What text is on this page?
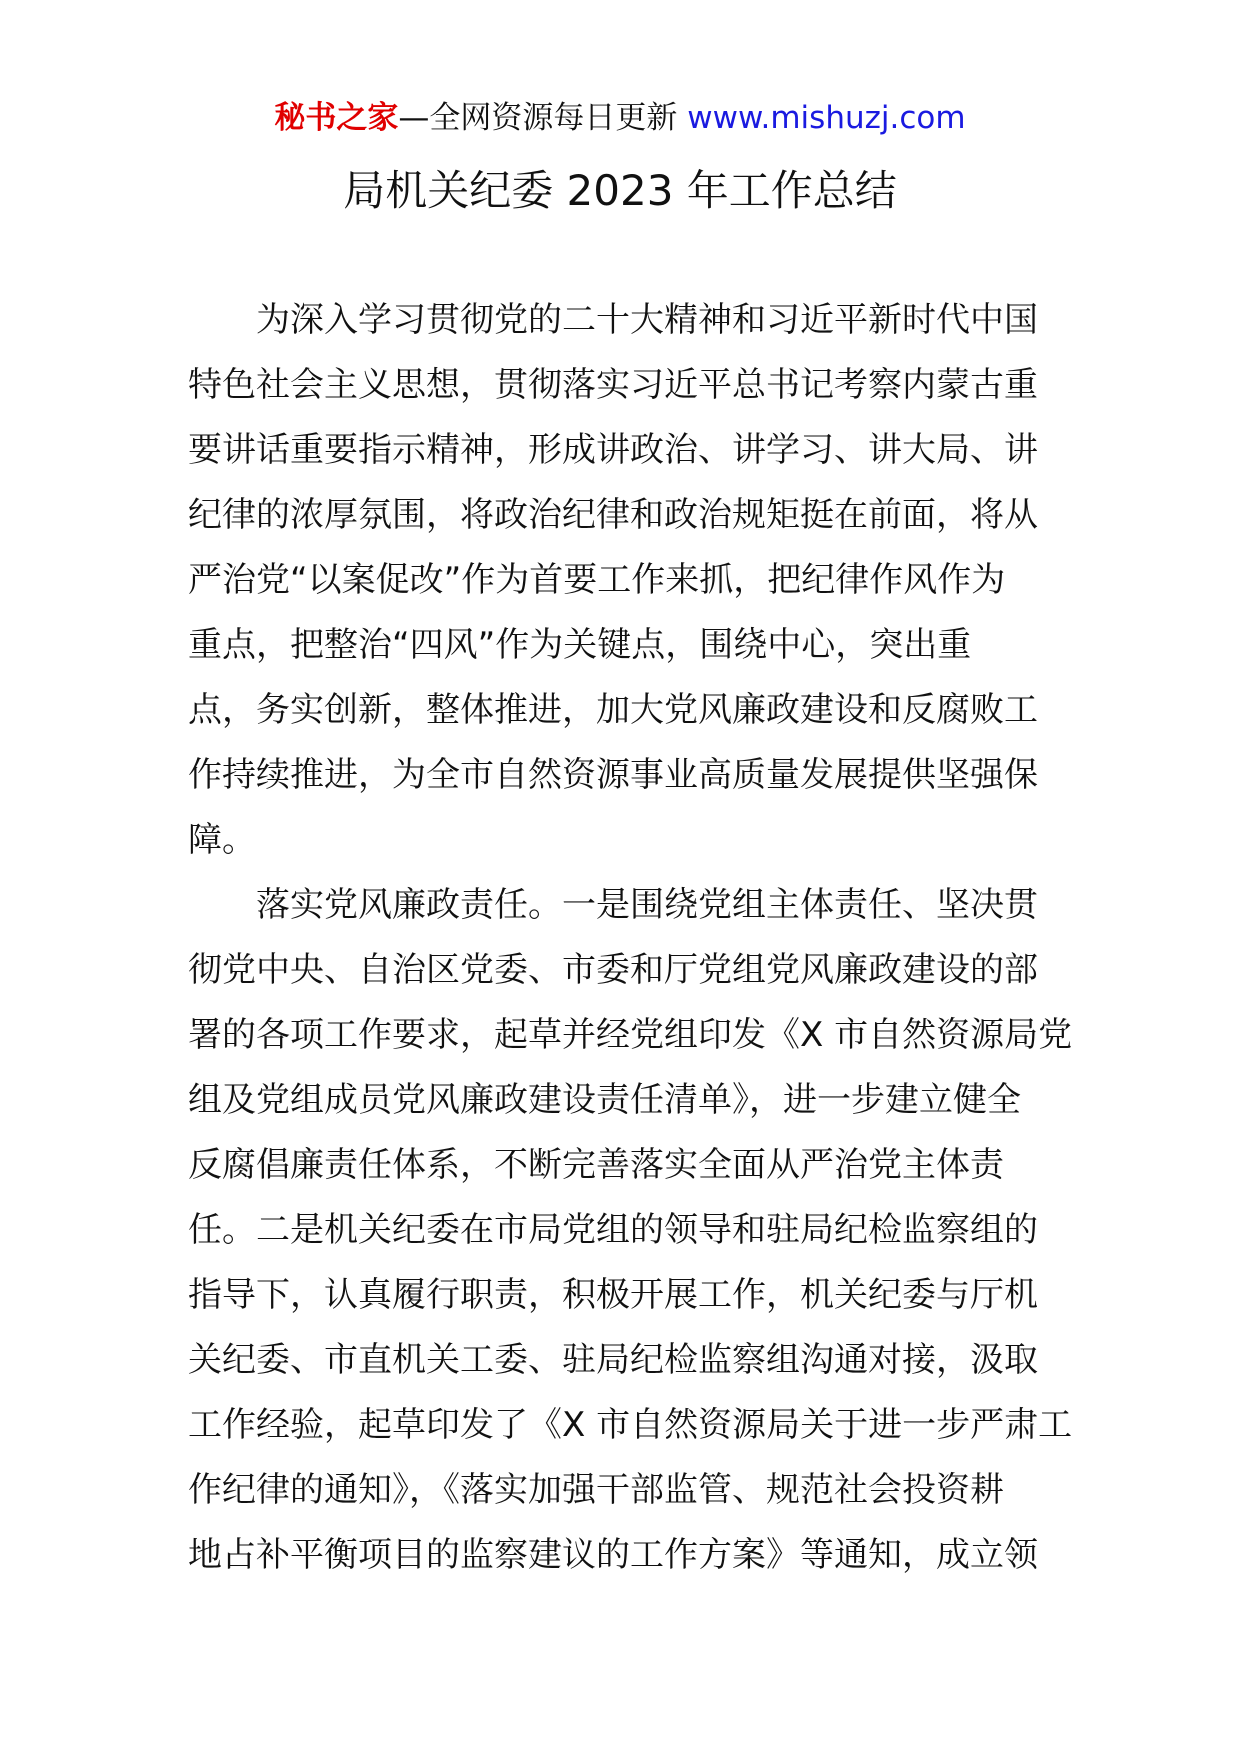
秘书之家—全网资源每日更新 www.mishuzj.com
局机关纪委 2023 年工作总结

为深入学习贯彻党的二十大精神和习近平新时代中国
特色社会主义思想，贯彻落实习近平总书记考察内蒙古重
要讲话重要指示精神，形成讲政治、讲学习、讲大局、讲
纪律的浓厚氛围，将政治纪律和政治规矩挺在前面，将从
严治党“以案促改”作为首要工作来抓，把纪律作风作为
重点，把整治“四风”作为关键点，围绕中心，突出重
点，务实创新，整体推进，加大党风廉政建设和反腐败工
作持续推进，为全市自然资源事业高质量发展提供坚强保
障。

落实党风廉政责任。一是围绕党组主体责任、坚决贯
彻党中央、自治区党委、市委和厅党组党风廉政建设的部
署的各项工作要求，起草并经党组印发《X 市自然资源局党
组及党组成员党风廉政建设责任清单》，进一步建立健全
反腐倡廉责任体系，不断完善落实全面从严治党主体责
任。二是机关纪委在市局党组的领导和驻局纪检监察组的
指导下，认真履行职责，积极开展工作，机关纪委与厅机
关纪委、市直机关工委、驻局纪检监察组沟通对接，汲取
工作经验，起草印发了《X 市自然资源局关于进一步严肃工
作纪律的通知》，《落实加强干部监管、规范社会投资耕
地占补平衡项目的监察建议的工作方案》等通知，成立领
